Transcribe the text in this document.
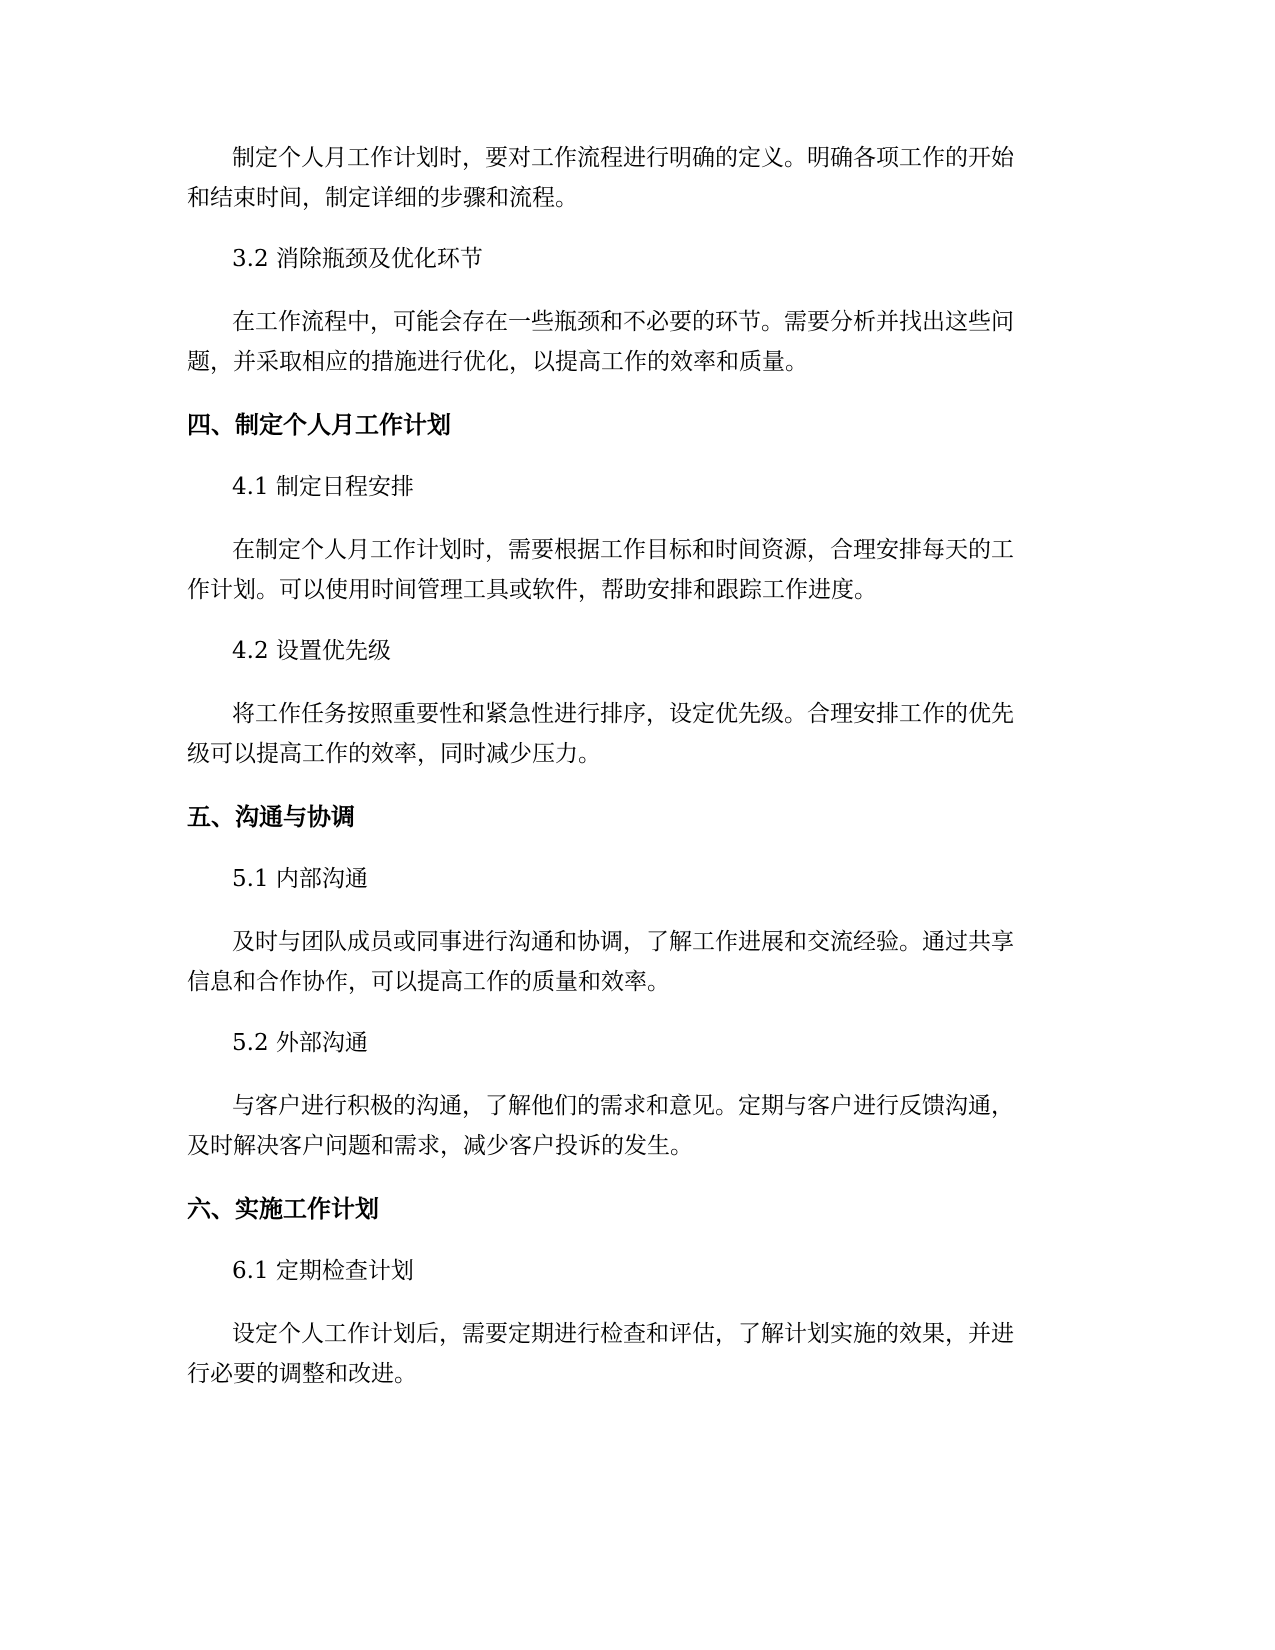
制定个人月工作计划时，要对工作流程进行明确的定义。明确各项工作的开始

和结束时间，制定详细的步骤和流程。

3.2 消除瓶颈及优化环节

在工作流程中，可能会存在一些瓶颈和不必要的环节。需要分析并找出这些问

题，并采取相应的措施进行优化，以提高工作的效率和质量。

四、制定个人月工作计划

4.1 制定日程安排

在制定个人月工作计划时，需要根据工作目标和时间资源，合理安排每天的工

作计划。可以使用时间管理工具或软件，帮助安排和跟踪工作进度。

4.2 设置优先级

将工作任务按照重要性和紧急性进行排序，设定优先级。合理安排工作的优先

级可以提高工作的效率，同时减少压力。

五、沟通与协调

5.1 内部沟通

及时与团队成员或同事进行沟通和协调，了解工作进展和交流经验。通过共享

信息和合作协作，可以提高工作的质量和效率。

5.2 外部沟通

与客户进行积极的沟通，了解他们的需求和意见。定期与客户进行反馈沟通，

及时解决客户问题和需求，减少客户投诉的发生。

六、实施工作计划

6.1 定期检查计划

设定个人工作计划后，需要定期进行检查和评估，了解计划实施的效果，并进

行必要的调整和改进。
